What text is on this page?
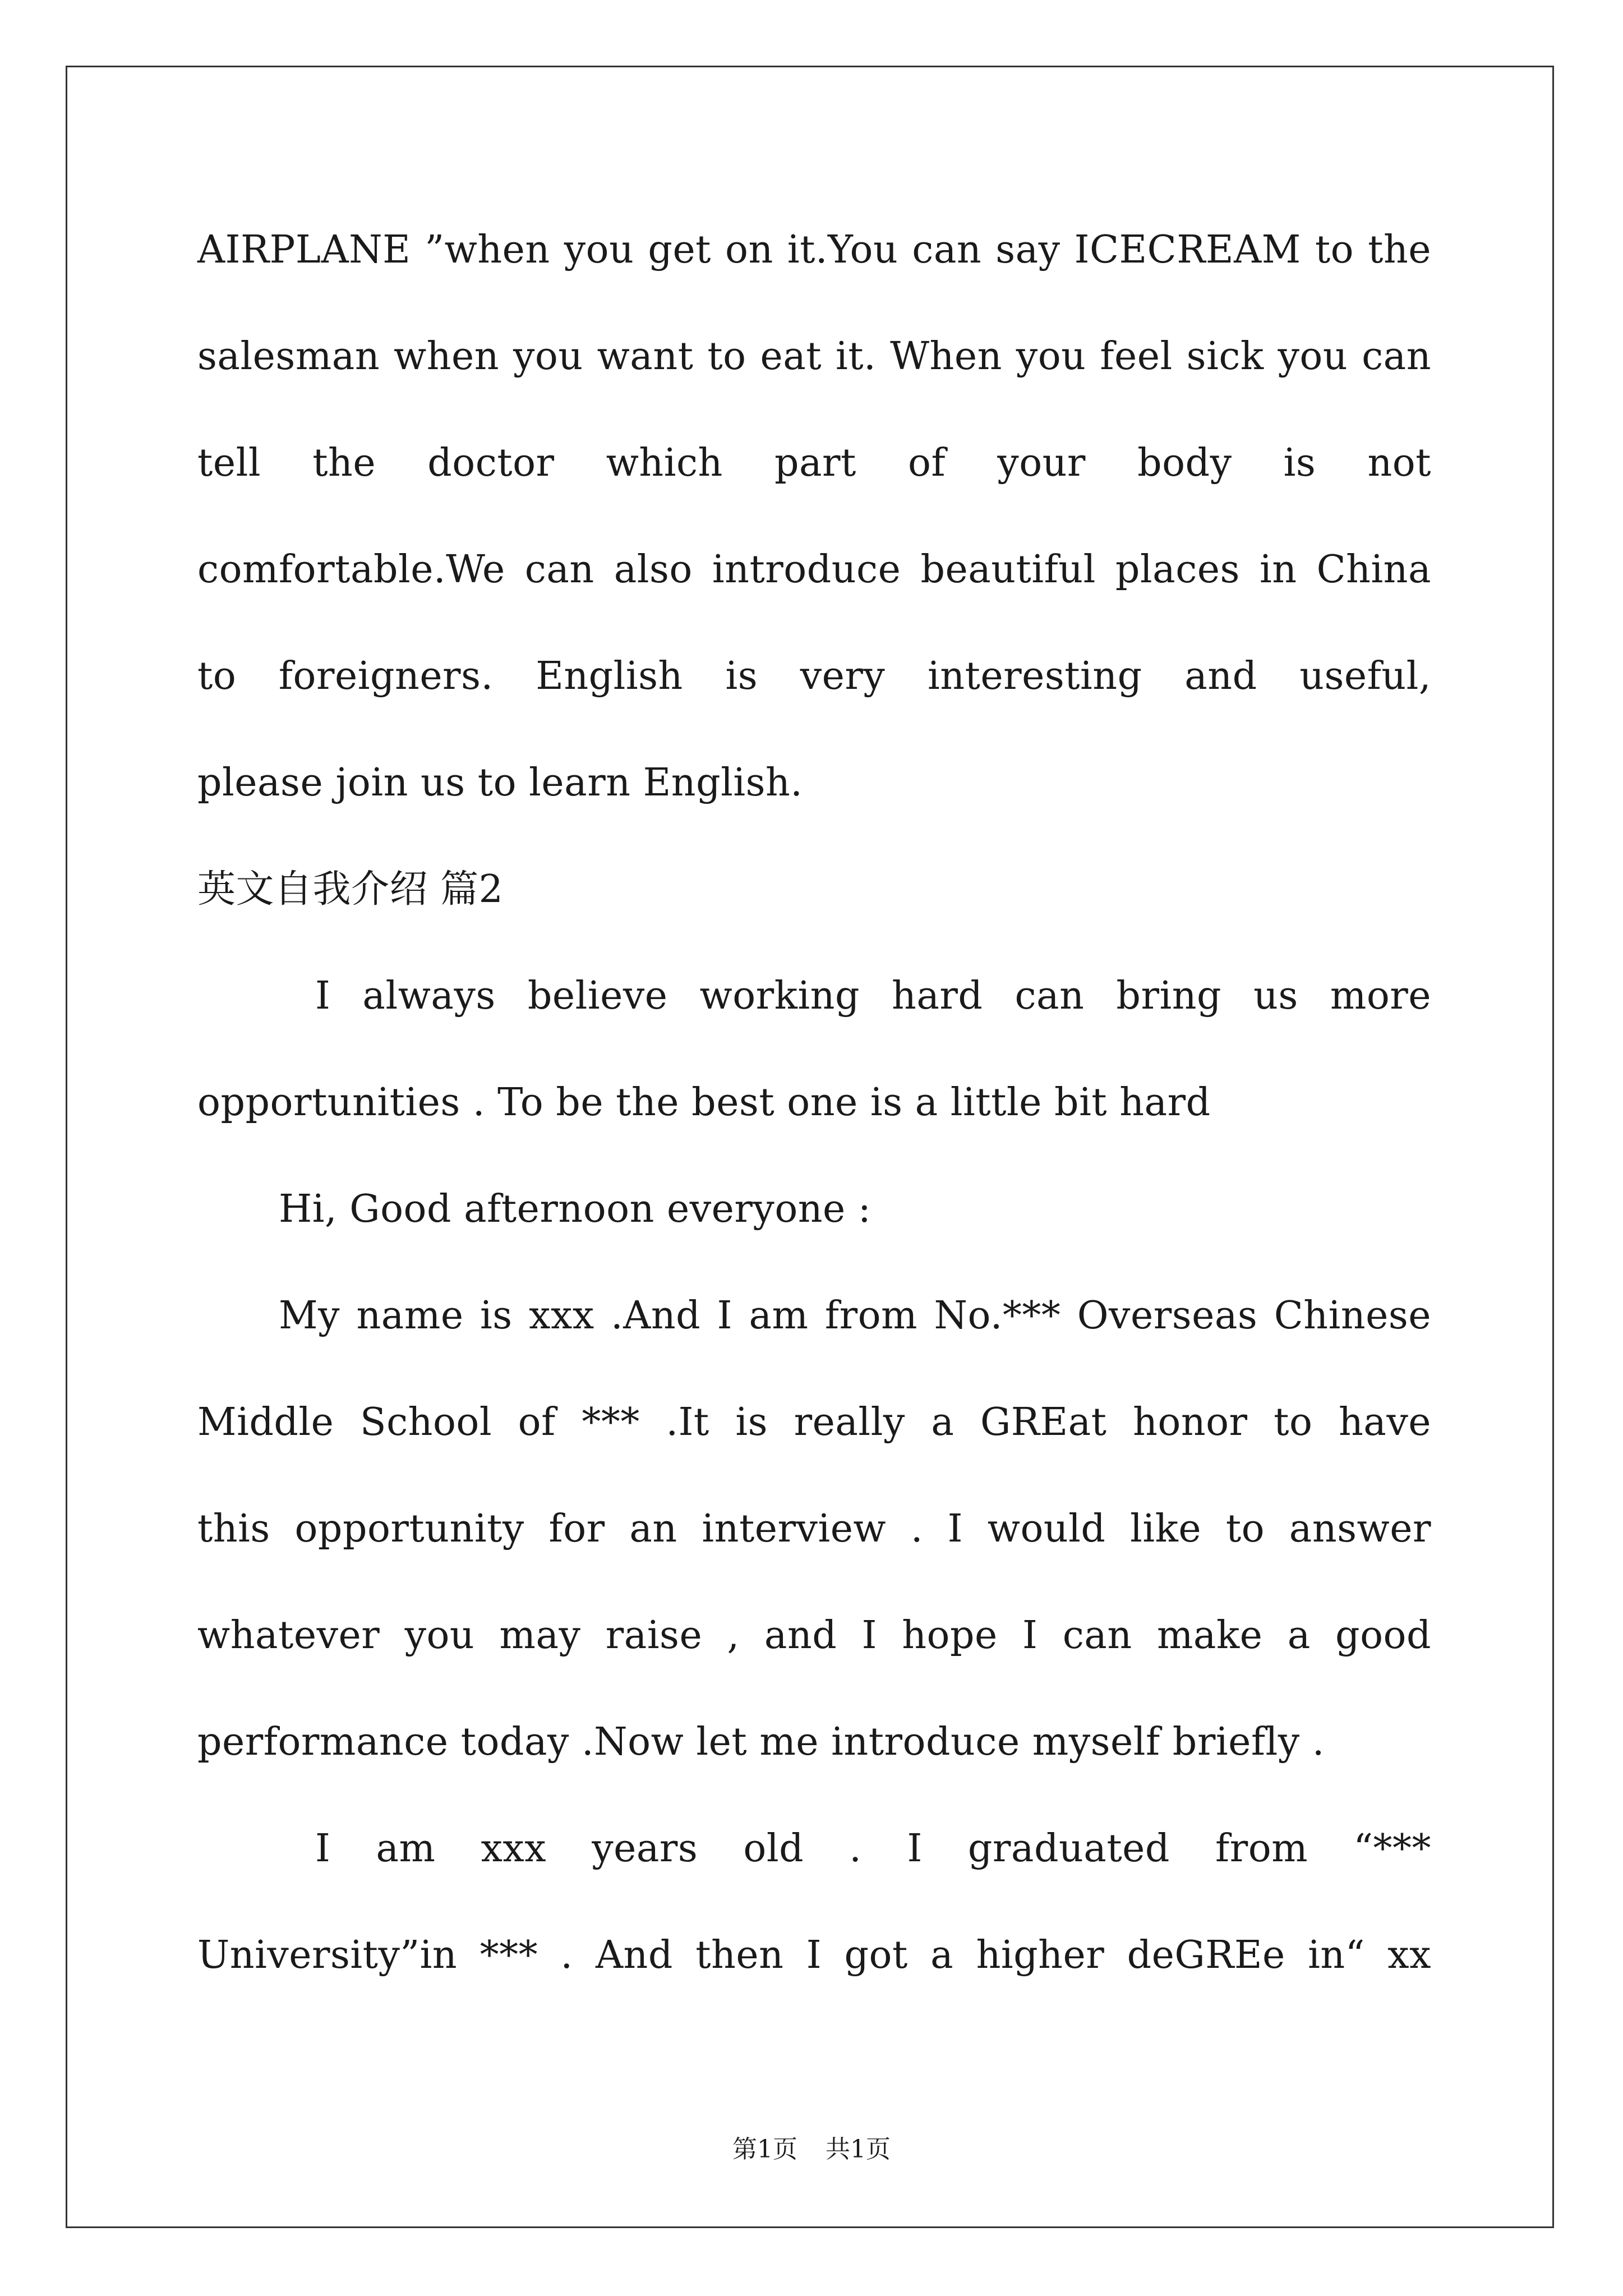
AIRPLANE ”when you get on it.You can say ICECREAM to the
salesman when you want to eat it. When you feel sick you can
tell the doctor which part of your body is not
comfortable.We can also introduce beautiful places in China
to foreigners. English is very interesting and useful,
please join us to learn English.
英文自我介绍 篇2
I always believe working hard can bring us more
opportunities . To be the best one is a little bit hard
Hi, Good afternoon everyone :
My name is xxx .And I am from No.*** Overseas Chinese
Middle School of *** .It is really a GREat honor to have
this opportunity for an interview . I would like to answer
whatever you may raise , and I hope I can make a good
performance today .Now let me introduce myself briefly .
I am xxx years old . I graduated from “***
University”in *** . And then I got a higher deGREe in“ xx
第1页 共1页
